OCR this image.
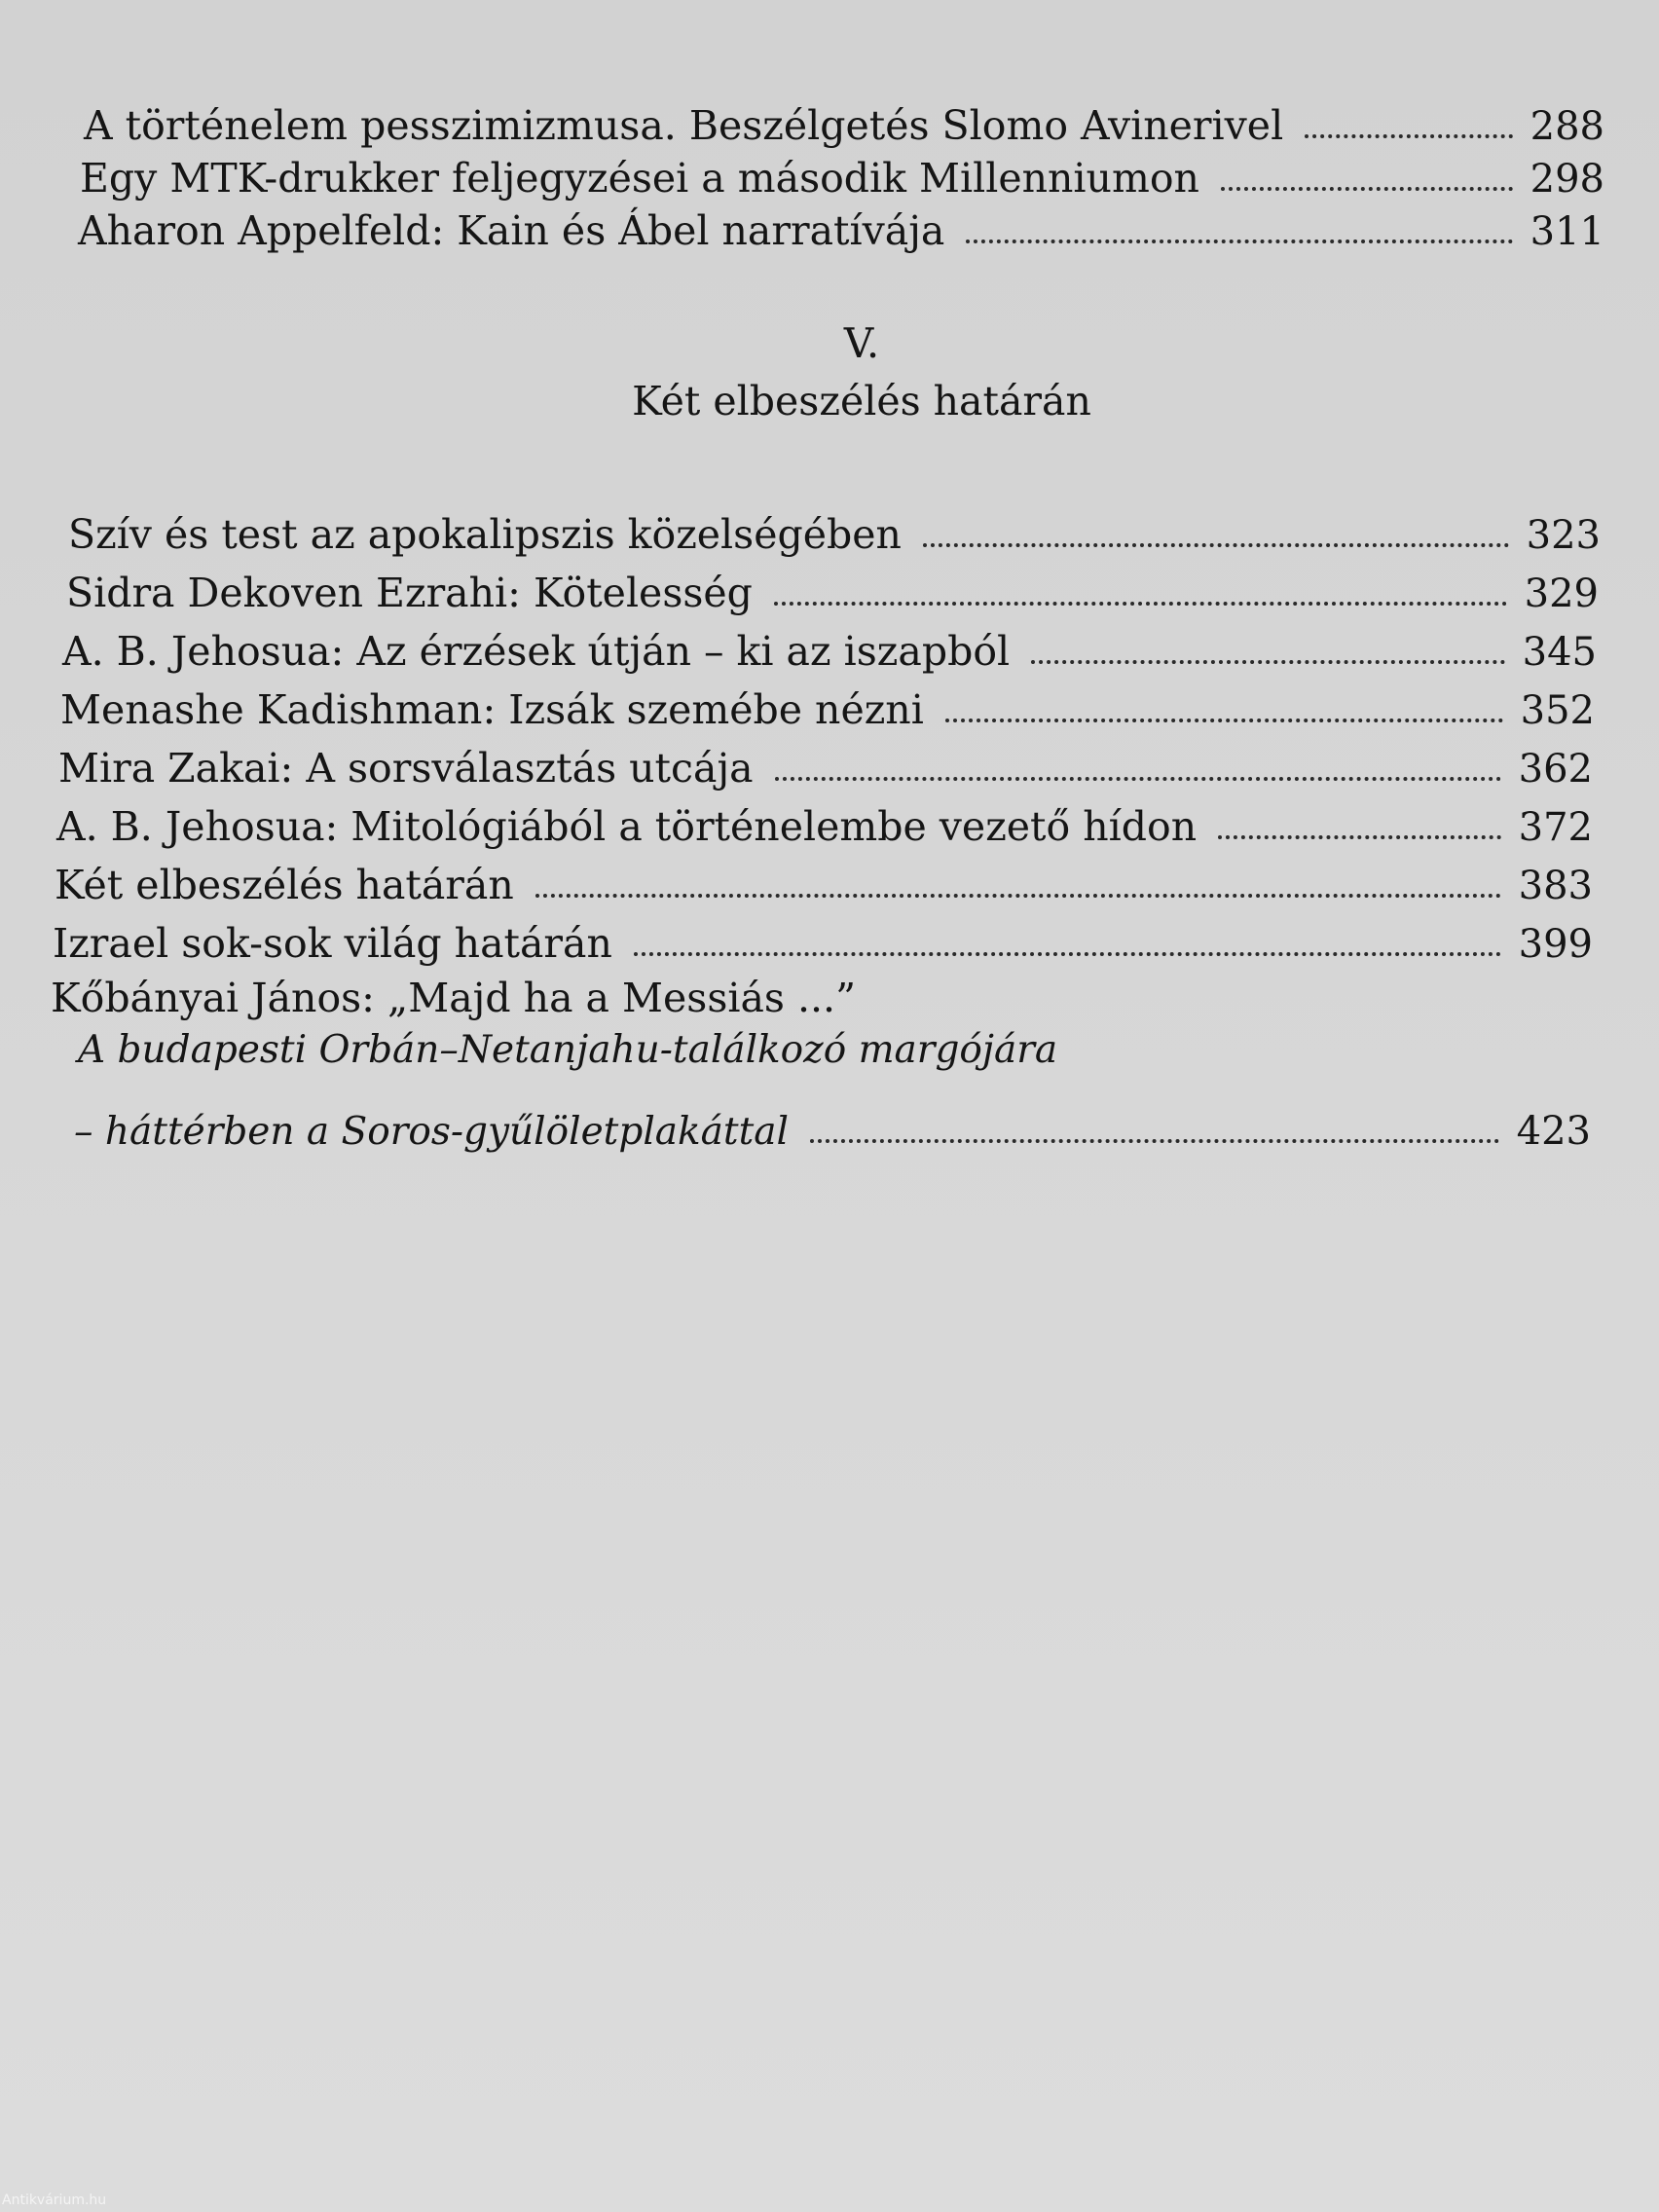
A történelem pesszimizmusa. Beszélgetés Slomo Avinerivel	288
Egy MTK-drukker feljegyzései a második Millenniumon	298
Aharon Appelfeld: Kain és Ábel narratívája	311
V.
Két elbeszélés határán
Szív és test az apokalipszis közelségében	323
Sidra Dekoven Ezrahi: Kötelesség	329
A. B. Jehosua: Az érzések útján – ki az iszapból	345
Menashe Kadishman: Izsák szemébe nézni	352
Mira Zakai: A sorsválasztás utcája	362
A. B. Jehosua: Mitológiából a történelembe vezető hídon	372
Két elbeszélés határán	383
Izrael sok-sok világ határán	399
Kőbányai János: „Majd ha a Messiás ...”
A budapesti Orbán–Netanjahu-találkozó margójára
– háttérben a Soros-gyűlöletplakáttal	423
Antikvárium.hu
